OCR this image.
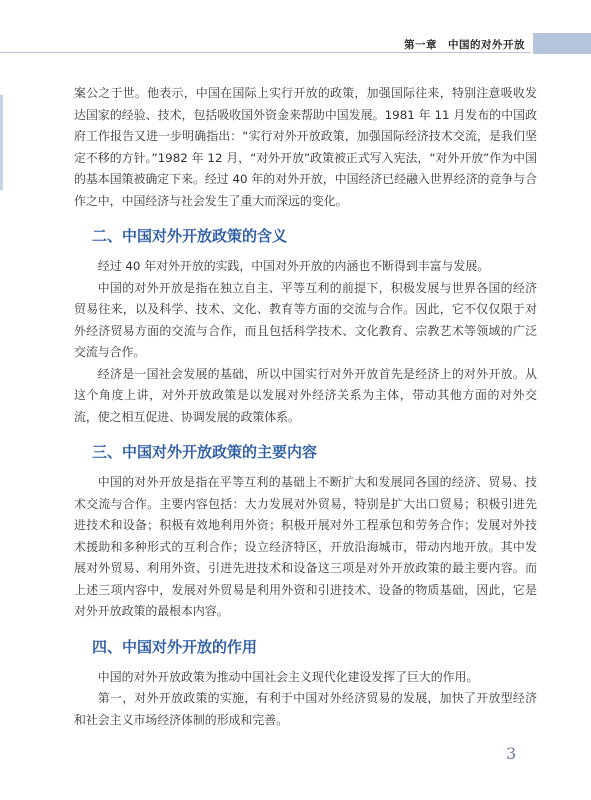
第一章　中国的对外开放

案公之于世。他表示，中国在国际上实行开放的政策，加强国际往来，特别注意吸收发达国家的经验、技术，包括吸收国外资金来帮助中国发展。1981 年 11 月发布的中国政府工作报告又进一步明确指出：“实行对外开放政策，加强国际经济技术交流，是我们坚定不移的方针。”1982 年 12 月，“对外开放”政策被正式写入宪法，“对外开放”作为中国的基本国策被确定下来。经过 40 年的对外开放，中国经济已经融入世界经济的竞争与合作之中，中国经济与社会发生了重大而深远的变化。

二、中国对外开放政策的含义

经过 40 年对外开放的实践，中国对外开放的内涵也不断得到丰富与发展。

中国的对外开放是指在独立自主、平等互利的前提下，积极发展与世界各国的经济贸易往来，以及科学、技术、文化、教育等方面的交流与合作。因此，它不仅仅限于对外经济贸易方面的交流与合作，而且包括科学技术、文化教育、宗教艺术等领域的广泛交流与合作。

经济是一国社会发展的基础，所以中国实行对外开放首先是经济上的对外开放。从这个角度上讲，对外开放政策是以发展对外经济关系为主体，带动其他方面的对外交流，使之相互促进、协调发展的政策体系。

三、中国对外开放政策的主要内容

中国的对外开放是指在平等互利的基础上不断扩大和发展同各国的经济、贸易、技术交流与合作。主要内容包括：大力发展对外贸易，特别是扩大出口贸易；积极引进先进技术和设备；积极有效地利用外资；积极开展对外工程承包和劳务合作；发展对外技术援助和多种形式的互利合作；设立经济特区，开放沿海城市，带动内地开放。其中发展对外贸易、利用外资、引进先进技术和设备这三项是对外开放政策的最主要内容。而上述三项内容中，发展对外贸易是利用外资和引进技术、设备的物质基础，因此，它是对外开放政策的最根本内容。

四、中国对外开放的作用

中国的对外开放政策为推动中国社会主义现代化建设发挥了巨大的作用。

第一，对外开放政策的实施，有利于中国对外经济贸易的发展，加快了开放型经济和社会主义市场经济体制的形成和完善。

3
